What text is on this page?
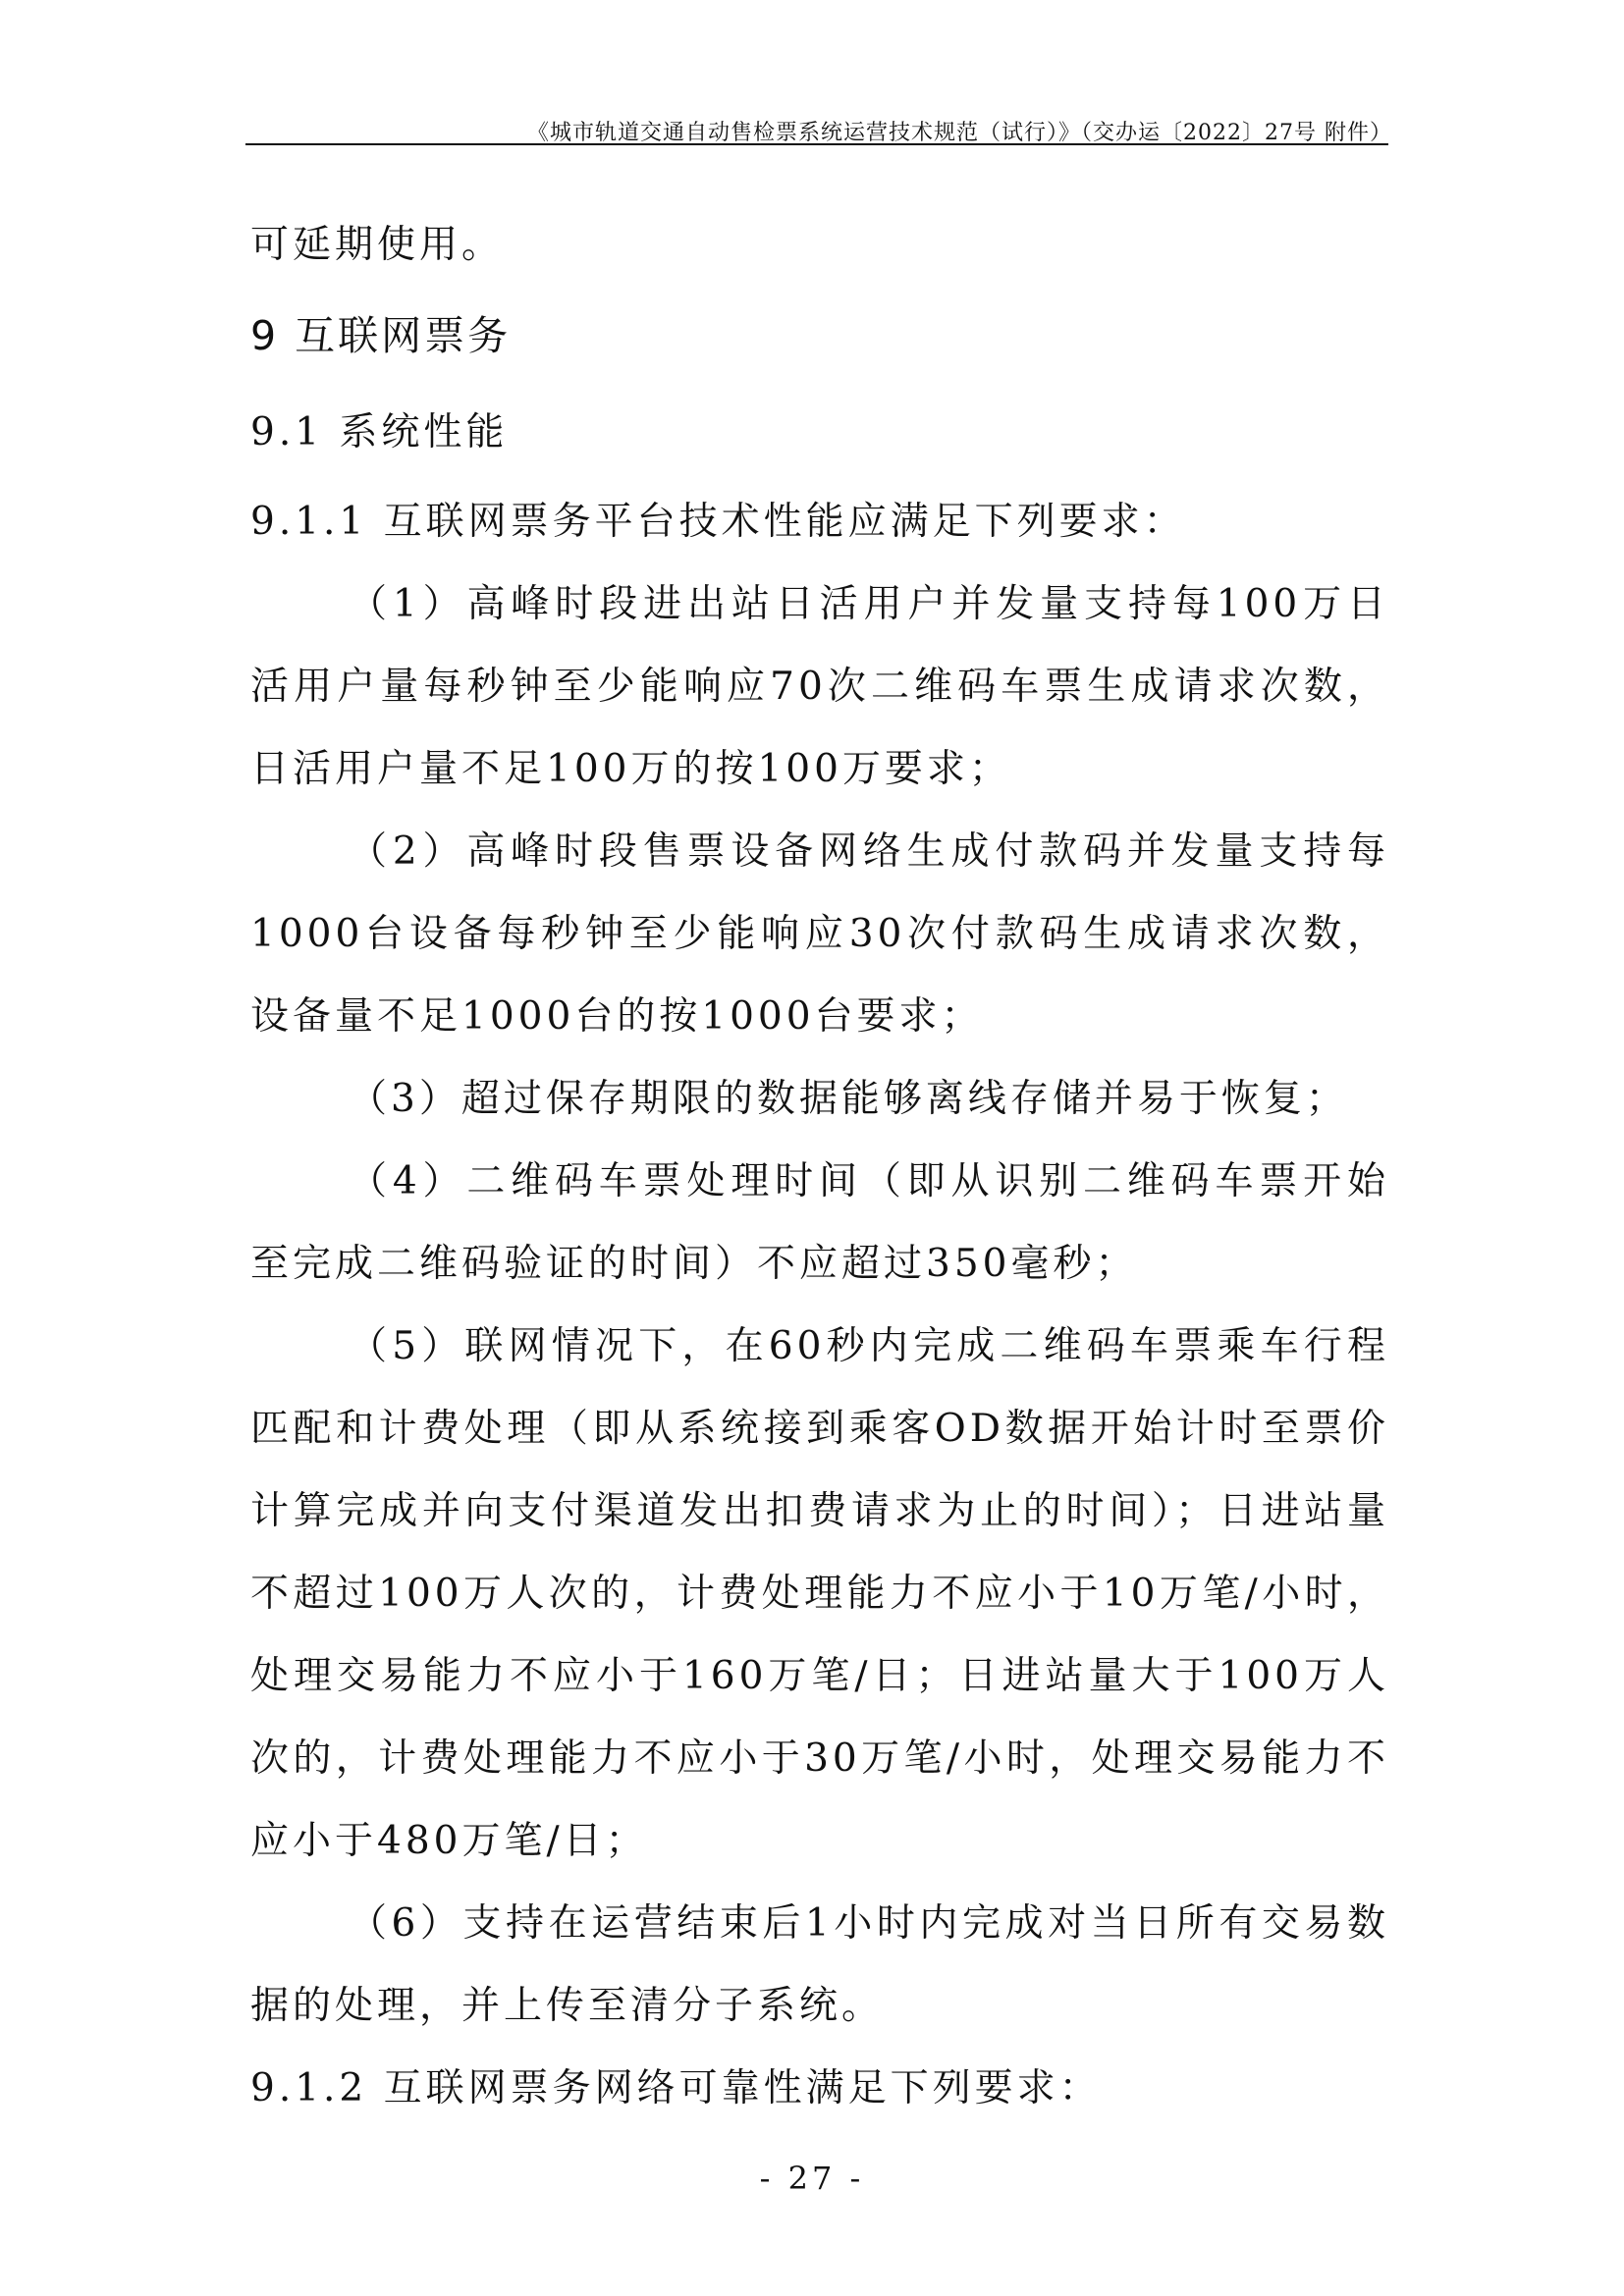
《城市轨道交通自动售检票系统运营技术规范（试行）》（交办运〔2022〕27号 附件）

可延期使用。

9 互联网票务

9.1 系统性能

9.1.1 互联网票务平台技术性能应满足下列要求：

（1）高峰时段进出站日活用户并发量支持每100万日活用户量每秒钟至少能响应70次二维码车票生成请求次数，日活用户量不足100万的按100万要求；

（2）高峰时段售票设备网络生成付款码并发量支持每1000台设备每秒钟至少能响应30次付款码生成请求次数，设备量不足1000台的按1000台要求；

（3）超过保存期限的数据能够离线存储并易于恢复；

（4）二维码车票处理时间（即从识别二维码车票开始至完成二维码验证的时间）不应超过350毫秒；

（5）联网情况下，在60秒内完成二维码车票乘车行程匹配和计费处理（即从系统接到乘客OD数据开始计时至票价计算完成并向支付渠道发出扣费请求为止的时间）；日进站量不超过100万人次的，计费处理能力不应小于10万笔/小时，处理交易能力不应小于160万笔/日；日进站量大于100万人次的，计费处理能力不应小于30万笔/小时，处理交易能力不应小于480万笔/日；

（6）支持在运营结束后1小时内完成对当日所有交易数据的处理，并上传至清分子系统。

9.1.2 互联网票务网络可靠性满足下列要求：

- 27 -
